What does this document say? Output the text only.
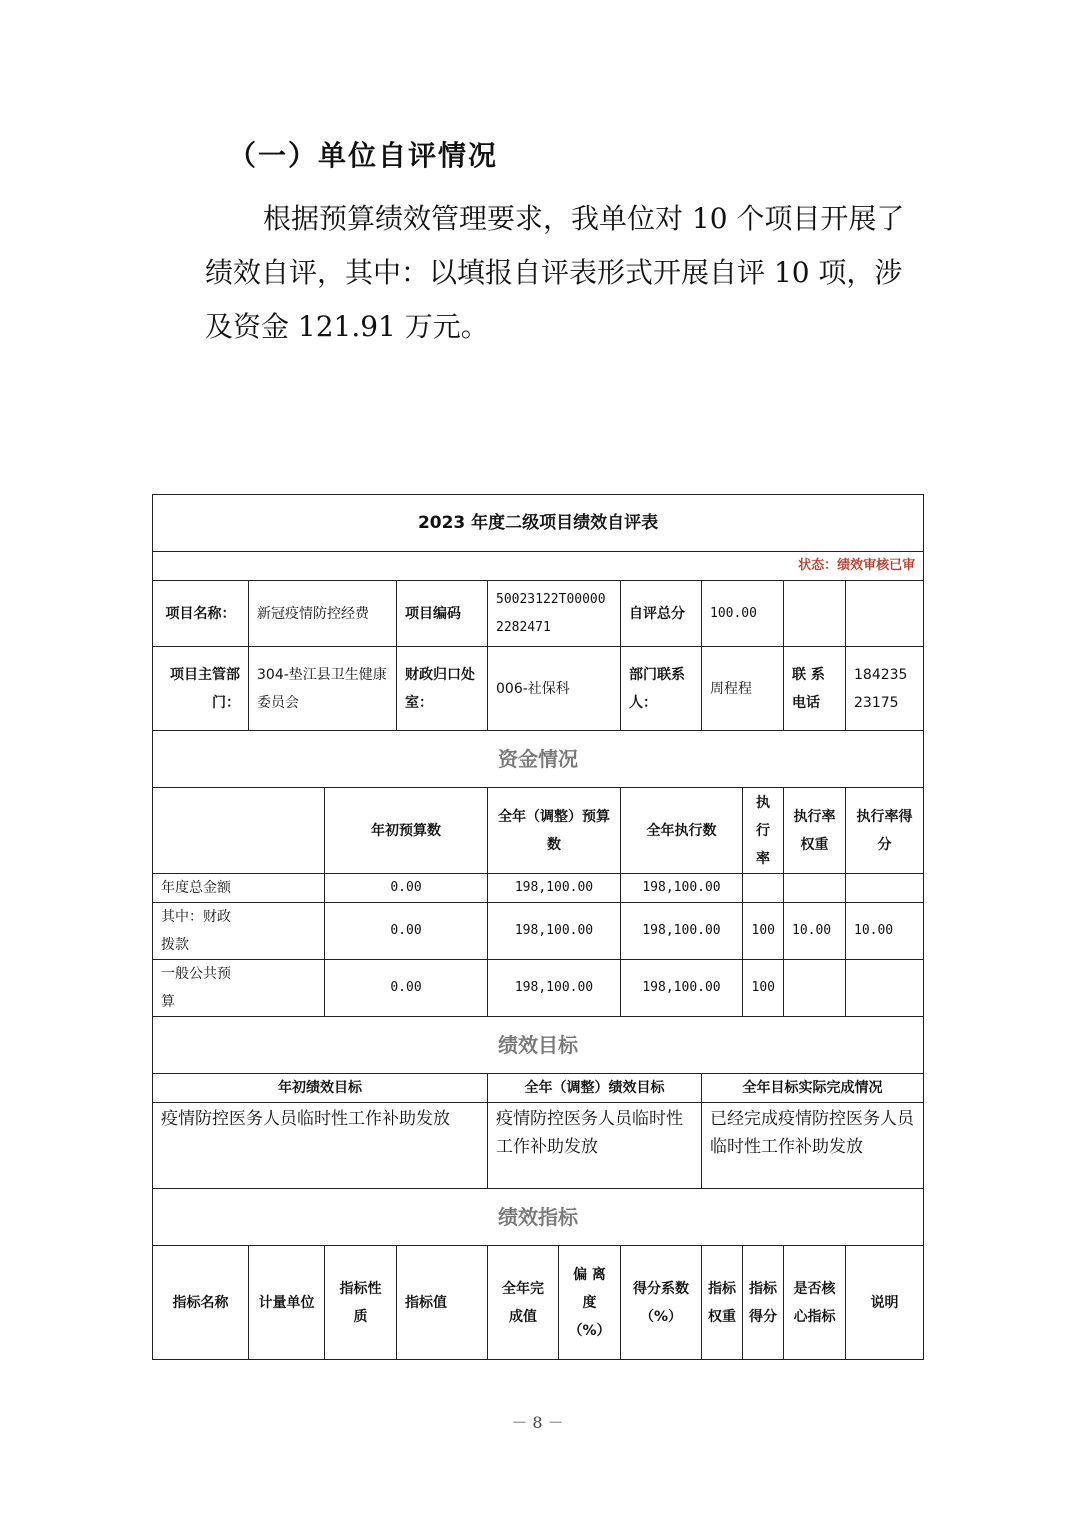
（一）单位自评情况
根据预算绩效管理要求，我单位对 10 个项目开展了
绩效自评，其中：以填报自评表形式开展自评 10 项，涉
及资金 121.91 万元。
2023 年度二级项目绩效自评表										
状态：绩效审核已审										
项目名称：	新冠疫情防控经费		项目编码	50023122T000002282471		自评总分	100.00			
项目主管部门：	304-垫江县卫生健康委员会		财政归口处室：	006-社保科		部门联系人：	周程程		联 系 电话	18423523175
资金情况										
		年初预算数		全年（调整）预算数		全年执行数		执行率	执行率权重	执行率得分
年度总金额		0.00		198,100.00		198,100.00				

其中：财政拨款		0.00		198,100.00		198,100.00		100	10.00	10.00

一般公共预算		0.00		198,100.00		198,100.00		100		
绩效目标										
年初绩效目标				全年（调整）绩效目标			全年目标实际完成情况			
疫情防控医务人员临时性工作补助发放				疫情防控医务人员临时性工作补助发放			已经完成疫情防控医务人员临时性工作补助发放			
绩效指标										
指标名称	计量单位	指标性质	指标值	全年完成值	偏 离 度（%）	得分系数（%）	指标权重	指标得分	是否核心指标	说明
－ 8 －
